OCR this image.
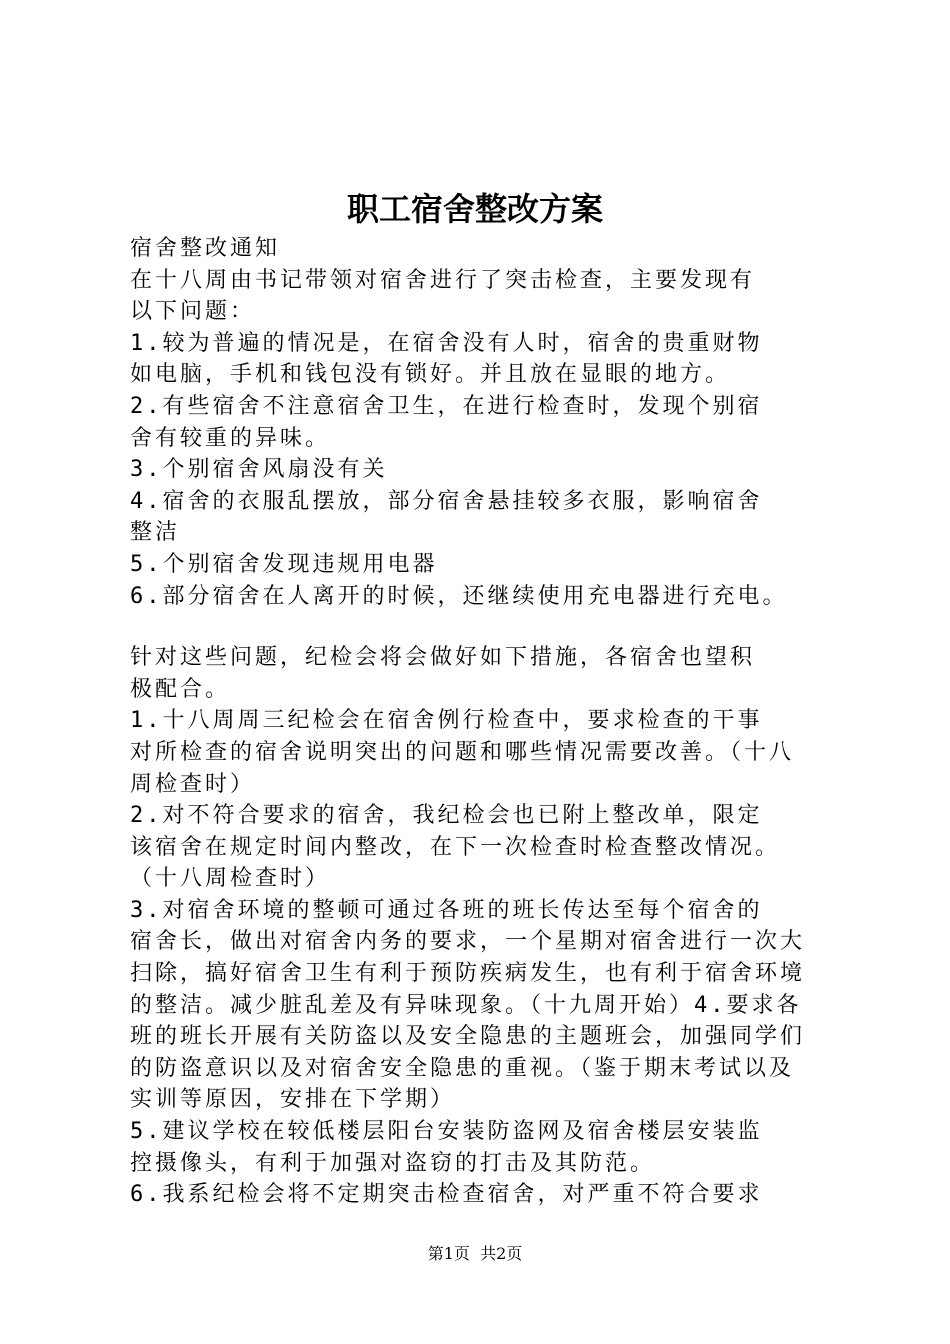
职工宿舍整改方案

宿舍整改通知

在十八周由书记带领对宿舍进行了突击检查，主要发现有

以下问题：

1.较为普遍的情况是，在宿舍没有人时，宿舍的贵重财物

如电脑，手机和钱包没有锁好。并且放在显眼的地方。

2.有些宿舍不注意宿舍卫生，在进行检查时，发现个别宿

舍有较重的异味。

3.个别宿舍风扇没有关

4.宿舍的衣服乱摆放，部分宿舍悬挂较多衣服，影响宿舍

整洁

5.个别宿舍发现违规用电器

6.部分宿舍在人离开的时候，还继续使用充电器进行充电。

针对这些问题，纪检会将会做好如下措施，各宿舍也望积

极配合。

1.十八周周三纪检会在宿舍例行检查中，要求检查的干事

对所检查的宿舍说明突出的问题和哪些情况需要改善。（十八

周检查时）

2.对不符合要求的宿舍，我纪检会也已附上整改单，限定

该宿舍在规定时间内整改，在下一次检查时检查整改情况。

（十八周检查时）

3.对宿舍环境的整顿可通过各班的班长传达至每个宿舍的

宿舍长，做出对宿舍内务的要求，一个星期对宿舍进行一次大

扫除，搞好宿舍卫生有利于预防疾病发生，也有利于宿舍环境

的整洁。减少脏乱差及有异味现象。（十九周开始）4.要求各

班的班长开展有关防盗以及安全隐患的主题班会，加强同学们

的防盗意识以及对宿舍安全隐患的重视。（鉴于期末考试以及

实训等原因，安排在下学期）

5.建议学校在较低楼层阳台安装防盗网及宿舍楼层安装监

控摄像头，有利于加强对盗窃的打击及其防范。

6.我系纪检会将不定期突击检查宿舍，对严重不符合要求

第1页  共2页
